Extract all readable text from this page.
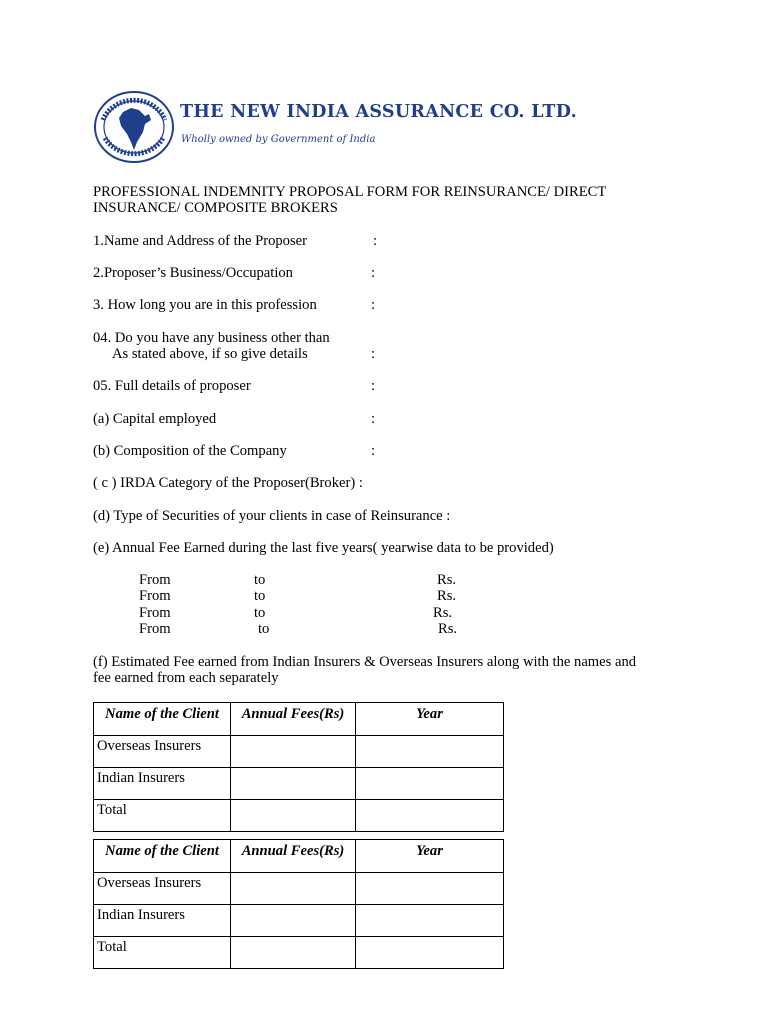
THE NEW INDIA ASSURANCE CO. LTD.
Wholly owned by Government of India
PROFESSIONAL INDEMNITY PROPOSAL FORM FOR REINSURANCE/ DIRECT
INSURANCE/ COMPOSITE BROKERS
1.Name and Address of the Proposer	:
2.Proposer’s Business/Occupation	:
3. How long you are in this profession	:
04. Do you have any business other than
As stated above, if so give details	:
05. Full details of proposer	:
(a) Capital employed	:
(b) Composition of the Company	:
( c ) IRDA Category of the Proposer(Broker) :
(d) Type of Securities of your clients in case of Reinsurance :
(e) Annual Fee Earned during the last five years( yearwise data to be provided)
From	to	Rs.
From	to	Rs.
From	to	Rs.
From	to	Rs.
(f) Estimated Fee earned from Indian Insurers & Overseas Insurers along with the names and
fee earned from each separately
Name of the Client	Annual Fees(Rs)	Year
Overseas Insurers		
Indian Insurers		
Total		
Name of the Client	Annual Fees(Rs)	Year
Overseas Insurers		
Indian Insurers		
Total		
